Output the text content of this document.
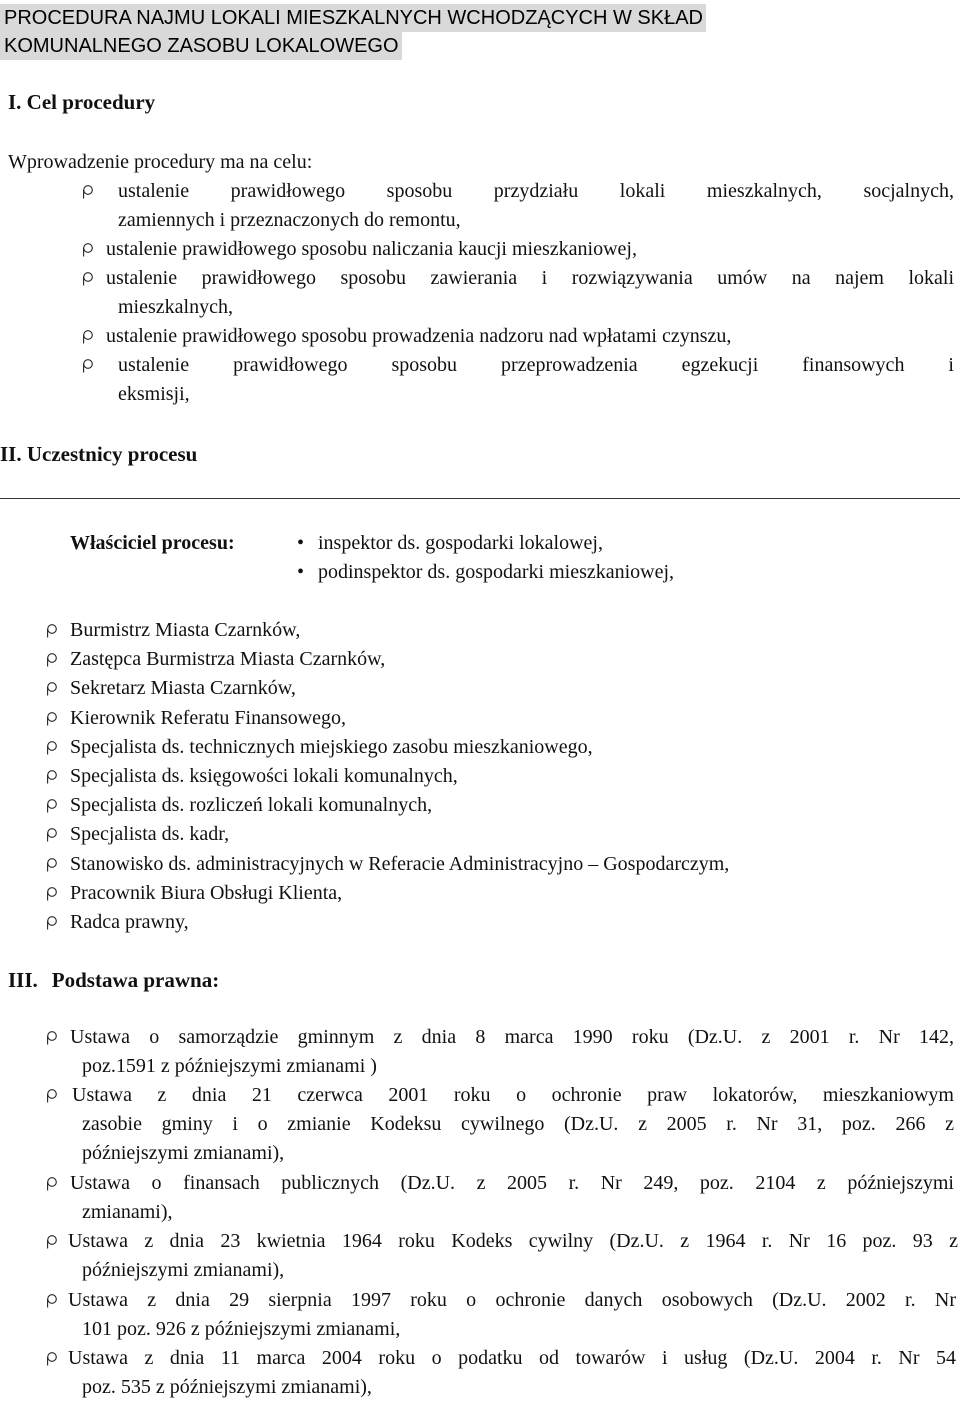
PROCEDURA NAJMU LOKALI MIESZKALNYCH WCHODZĄCYCH W SKŁAD
KOMUNALNEGO ZASOBU LOKALOWEGO
I. Cel procedury
Wprowadzenie procedury ma na celu:
ustalenie prawidłowego sposobu przydziału lokali mieszkalnych, socjalnych,
zamiennych i przeznaczonych do remontu,
ustalenie prawidłowego sposobu naliczania kaucji mieszkaniowej,
ustalenie prawidłowego sposobu zawierania i rozwiązywania umów na najem lokali
mieszkalnych,
ustalenie prawidłowego sposobu prowadzenia nadzoru nad wpłatami czynszu,
ustalenie prawidłowego sposobu przeprowadzenia egzekucji finansowych i
eksmisji,
II. Uczestnicy procesu
Właściciel procesu:
•	inspektor ds. gospodarki lokalowej,
• podinspektor ds. gospodarki mieszkaniowej,
Burmistrz Miasta Czarnków,
Zastępca Burmistrza Miasta Czarnków,
Sekretarz Miasta Czarnków,
Kierownik Referatu Finansowego,
Specjalista ds. technicznych miejskiego zasobu mieszkaniowego,
Specjalista ds. księgowości lokali komunalnych,
Specjalista ds. rozliczeń lokali komunalnych,
Specjalista ds. kadr,
Stanowisko ds. administracyjnych w Referacie Administracyjno – Gospodarczym,
Pracownik Biura Obsługi Klienta,
Radca prawny,
III. Podstawa prawna:
Ustawa o samorządzie gminnym z dnia 8 marca 1990 roku (Dz.U. z 2001 r. Nr 142,
poz.1591 z późniejszymi zmianami )
Ustawa z dnia 21 czerwca 2001 roku o ochronie praw lokatorów, mieszkaniowym
zasobie gminy i o zmianie Kodeksu cywilnego (Dz.U. z 2005 r. Nr 31, poz. 266 z
późniejszymi zmianami),
Ustawa o finansach publicznych (Dz.U. z 2005 r. Nr 249, poz. 2104 z późniejszymi
zmianami),
Ustawa z dnia 23 kwietnia 1964 roku Kodeks cywilny (Dz.U. z 1964 r. Nr 16 poz. 93 z
późniejszymi zmianami),
Ustawa z dnia 29 sierpnia 1997 roku o ochronie danych osobowych (Dz.U. 2002 r. Nr
101 poz. 926 z późniejszymi zmianami,
Ustawa z dnia 11 marca 2004 roku o podatku od towarów i usług (Dz.U. 2004 r. Nr 54
poz. 535 z późniejszymi zmianami),
